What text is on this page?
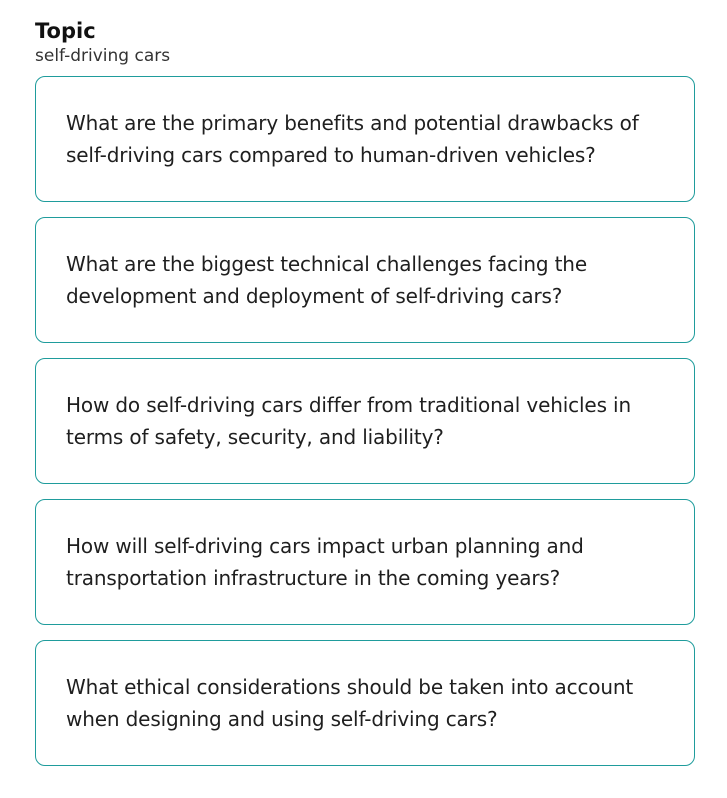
Topic
self-driving cars
What are the primary benefits and potential drawbacks of self-driving cars compared to human-driven vehicles?
What are the biggest technical challenges facing the development and deployment of self-driving cars?
How do self-driving cars differ from traditional vehicles in terms of safety, security, and liability?
How will self-driving cars impact urban planning and transportation infrastructure in the coming years?
What ethical considerations should be taken into account when designing and using self-driving cars?
